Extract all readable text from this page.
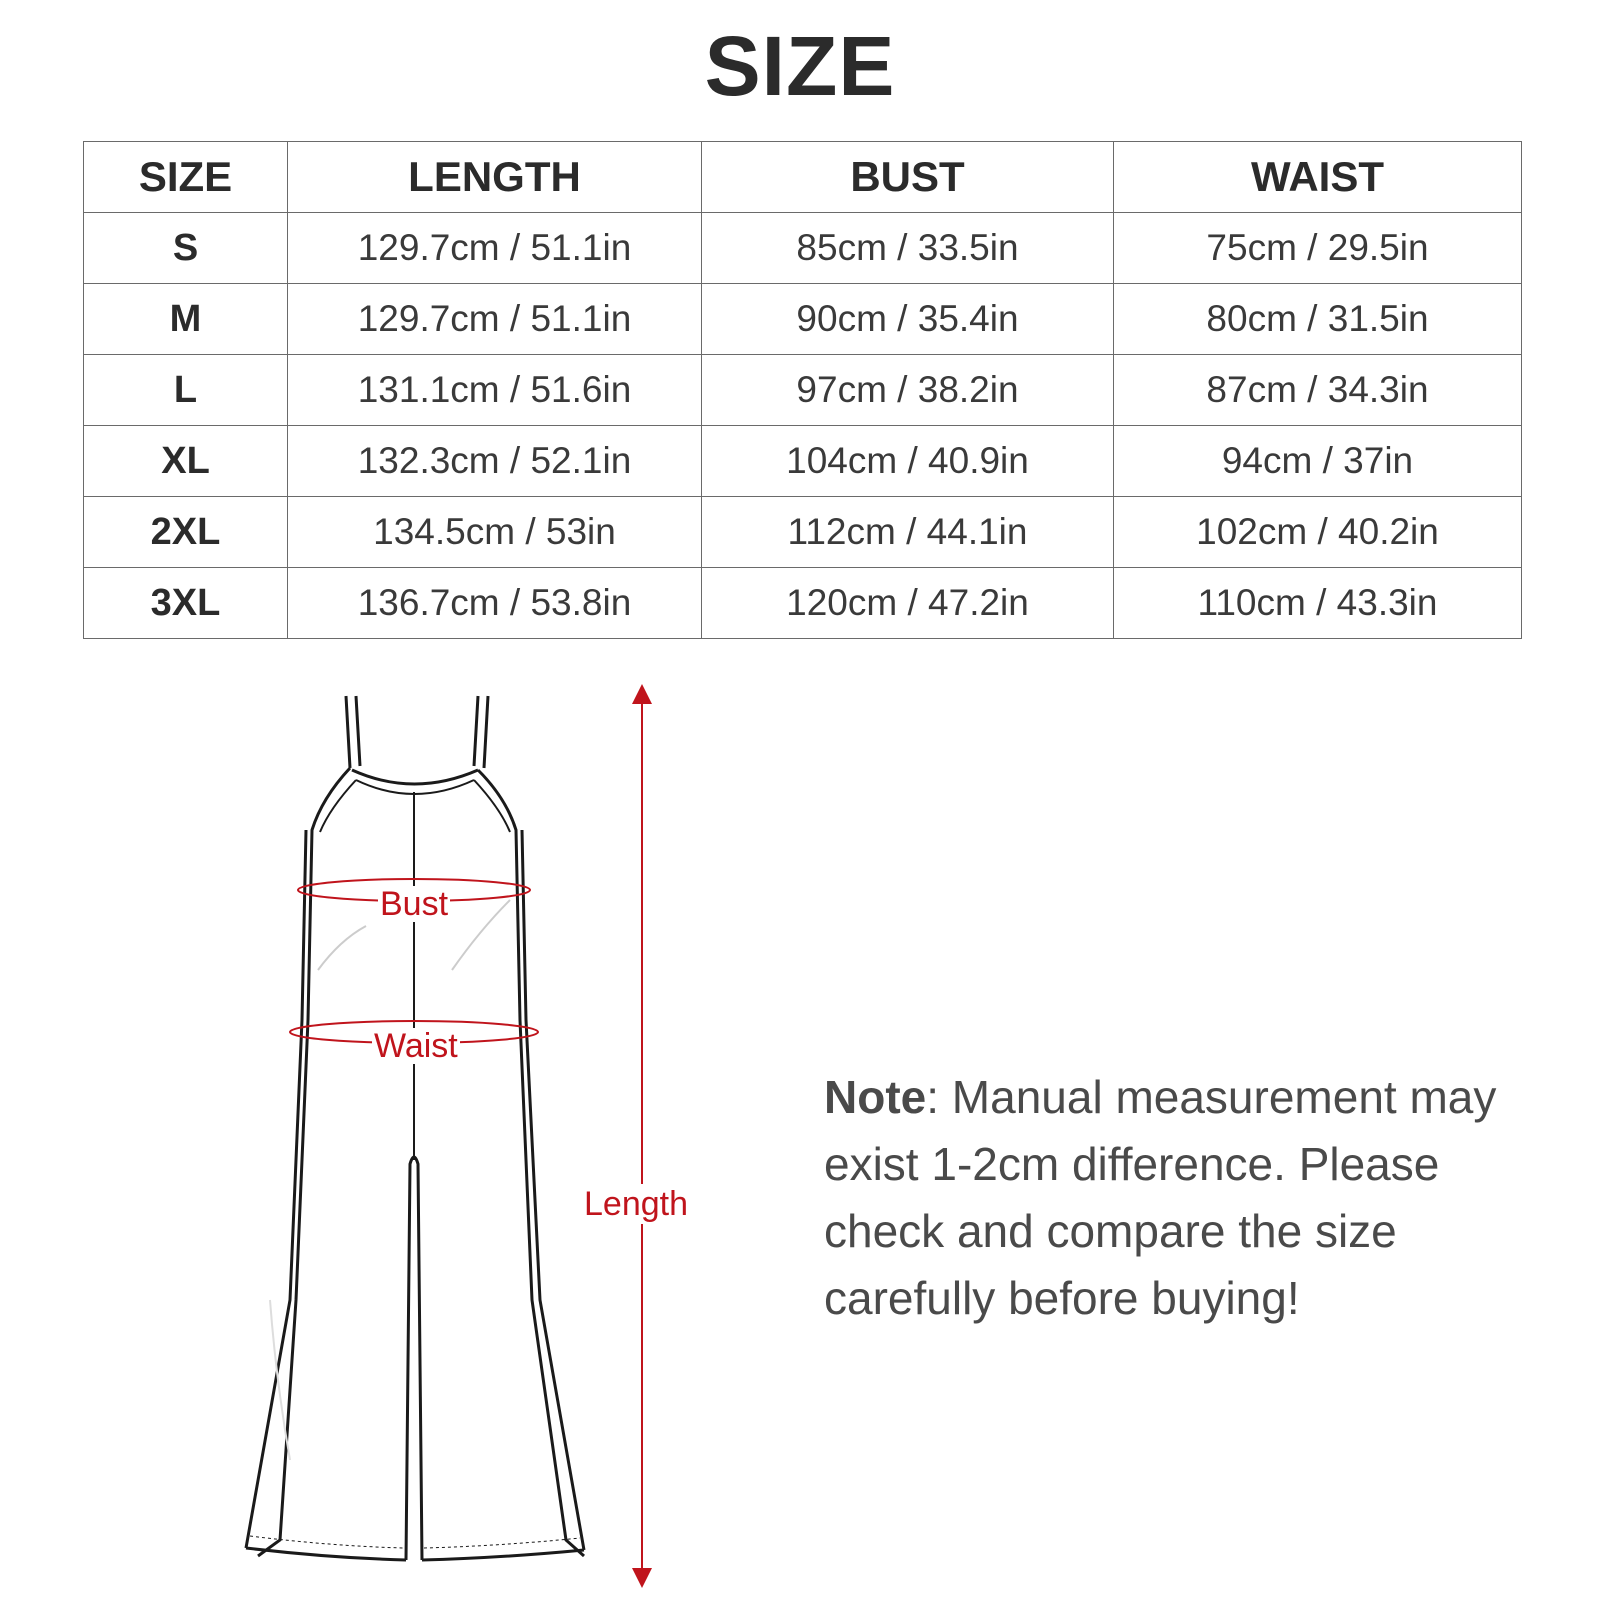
SIZE
SIZE	LENGTH	BUST	WAIST
S	129.7cm / 51.1in	85cm / 33.5in	75cm / 29.5in
M	129.7cm / 51.1in	90cm / 35.4in	80cm / 31.5in
L	131.1cm / 51.6in	97cm / 38.2in	87cm / 34.3in
XL	132.3cm / 52.1in	104cm / 40.9in	94cm / 37in
2XL	134.5cm / 53in	112cm / 44.1in	102cm / 40.2in
3XL	136.7cm / 53.8in	120cm / 47.2in	110cm / 43.3in
Bust
Waist
Length

Note: Manual measurement may exist 1-2cm difference. Please check and compare the size carefully before buying!
